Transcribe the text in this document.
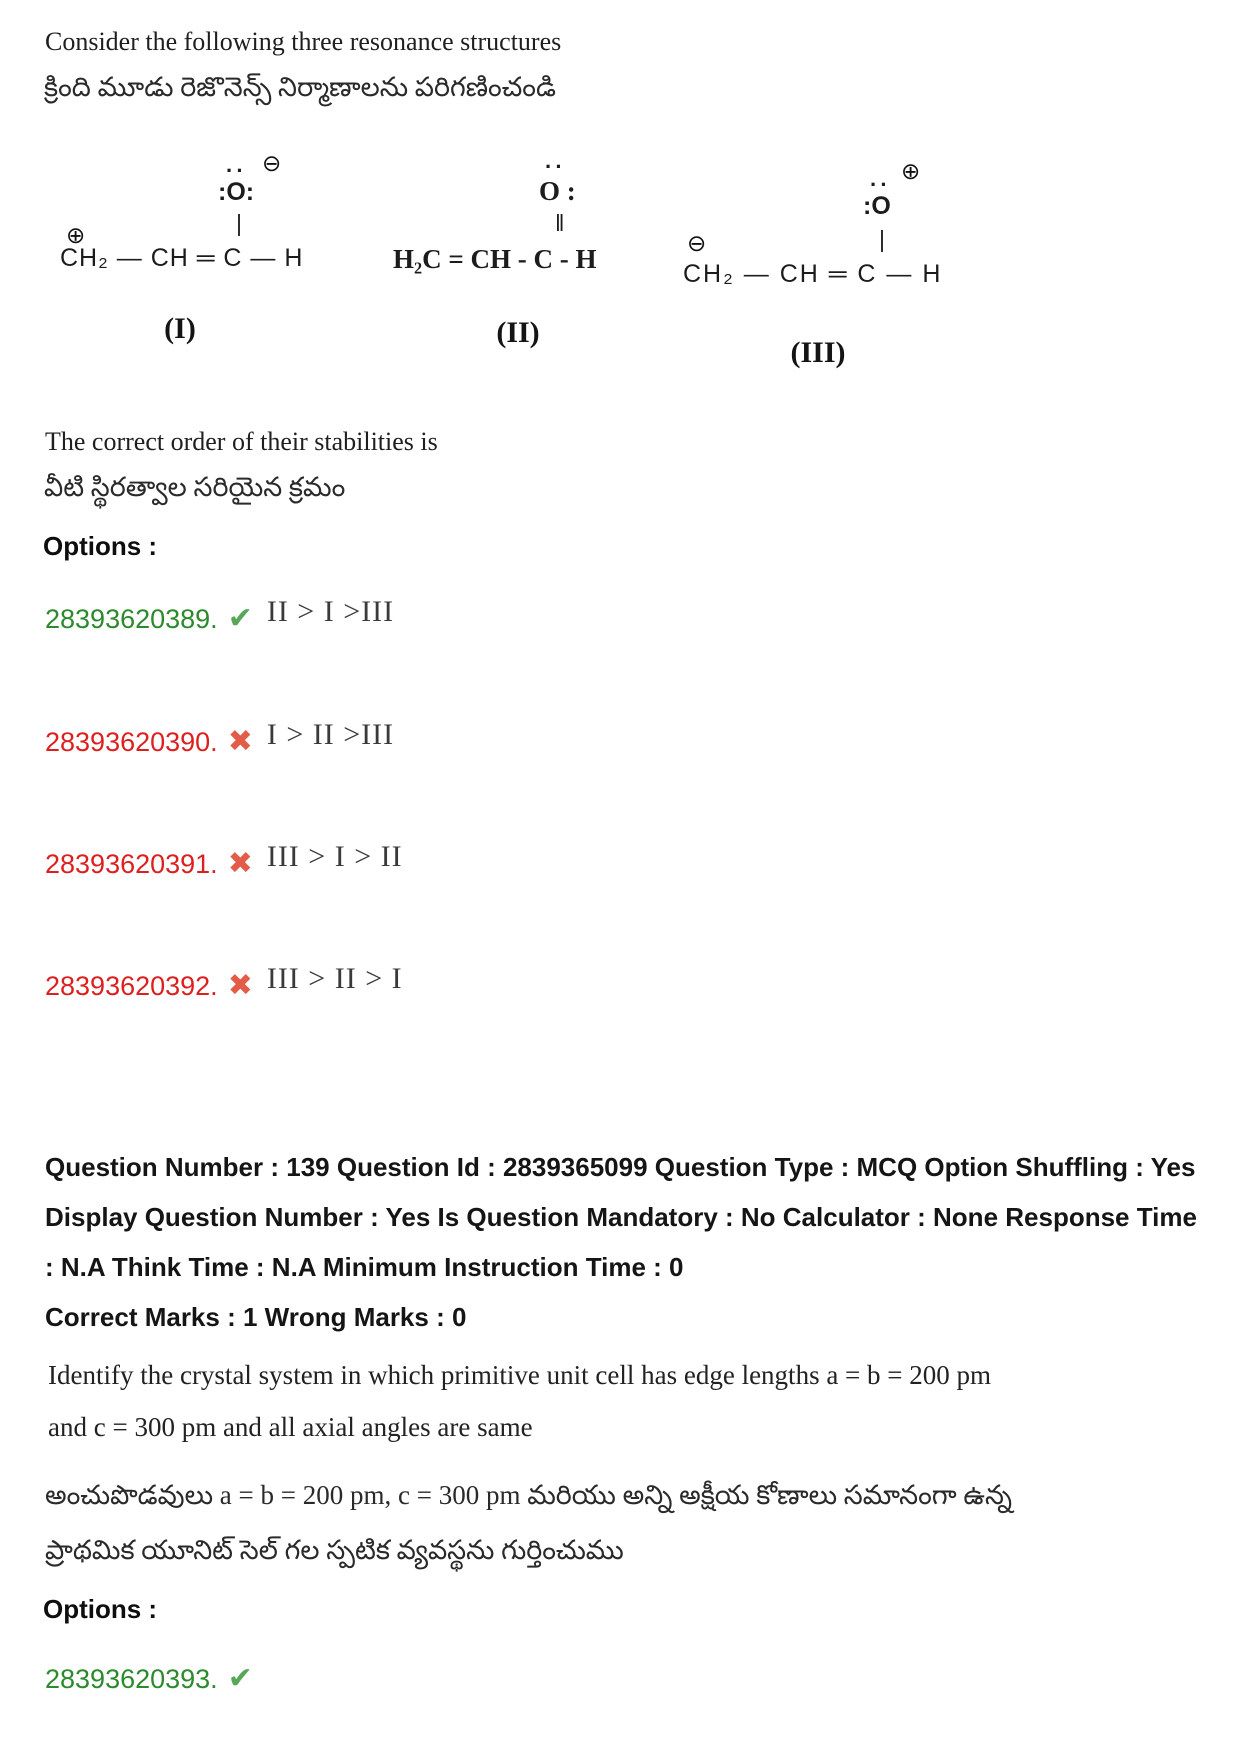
Consider the following three resonance structures
క్రింది మూడు రెజొనెన్స్ నిర్మాణాలను పరిగణించండి
⊕
·· ⊖
:O:
|
CH₂ — CH ═ C — H
(I)
··
O :
‖
H₂C = CH - C - H
(II)
⊖
··
⊕
:O
|
CH₂ — CH ═ C — H
(III)
The correct order of their stabilities is
వీటి స్థిరత్వాల సరియైన క్రమం
Options :
28393620389. ✔ II > I >III
28393620390. ✖ I > II >III
28393620391. ✖ III > I > II
28393620392. ✖ III > II > I
Question Number : 139 Question Id : 2839365099 Question Type : MCQ Option Shuffling : Yes
Display Question Number : Yes Is Question Mandatory : No Calculator : None Response Time
: N.A Think Time : N.A Minimum Instruction Time : 0
Correct Marks : 1 Wrong Marks : 0
Identify the crystal system in which primitive unit cell has edge lengths a = b = 200 pm
and c = 300 pm and all axial angles are same
అంచుపొడవులు a = b = 200 pm, c = 300 pm మరియు అన్ని అక్షీయ కోణాలు సమానంగా ఉన్న
ప్రాథమిక యూనిట్ సెల్ గల స్పటిక వ్యవస్థను గుర్తించుము
Options :
28393620393. ✔
